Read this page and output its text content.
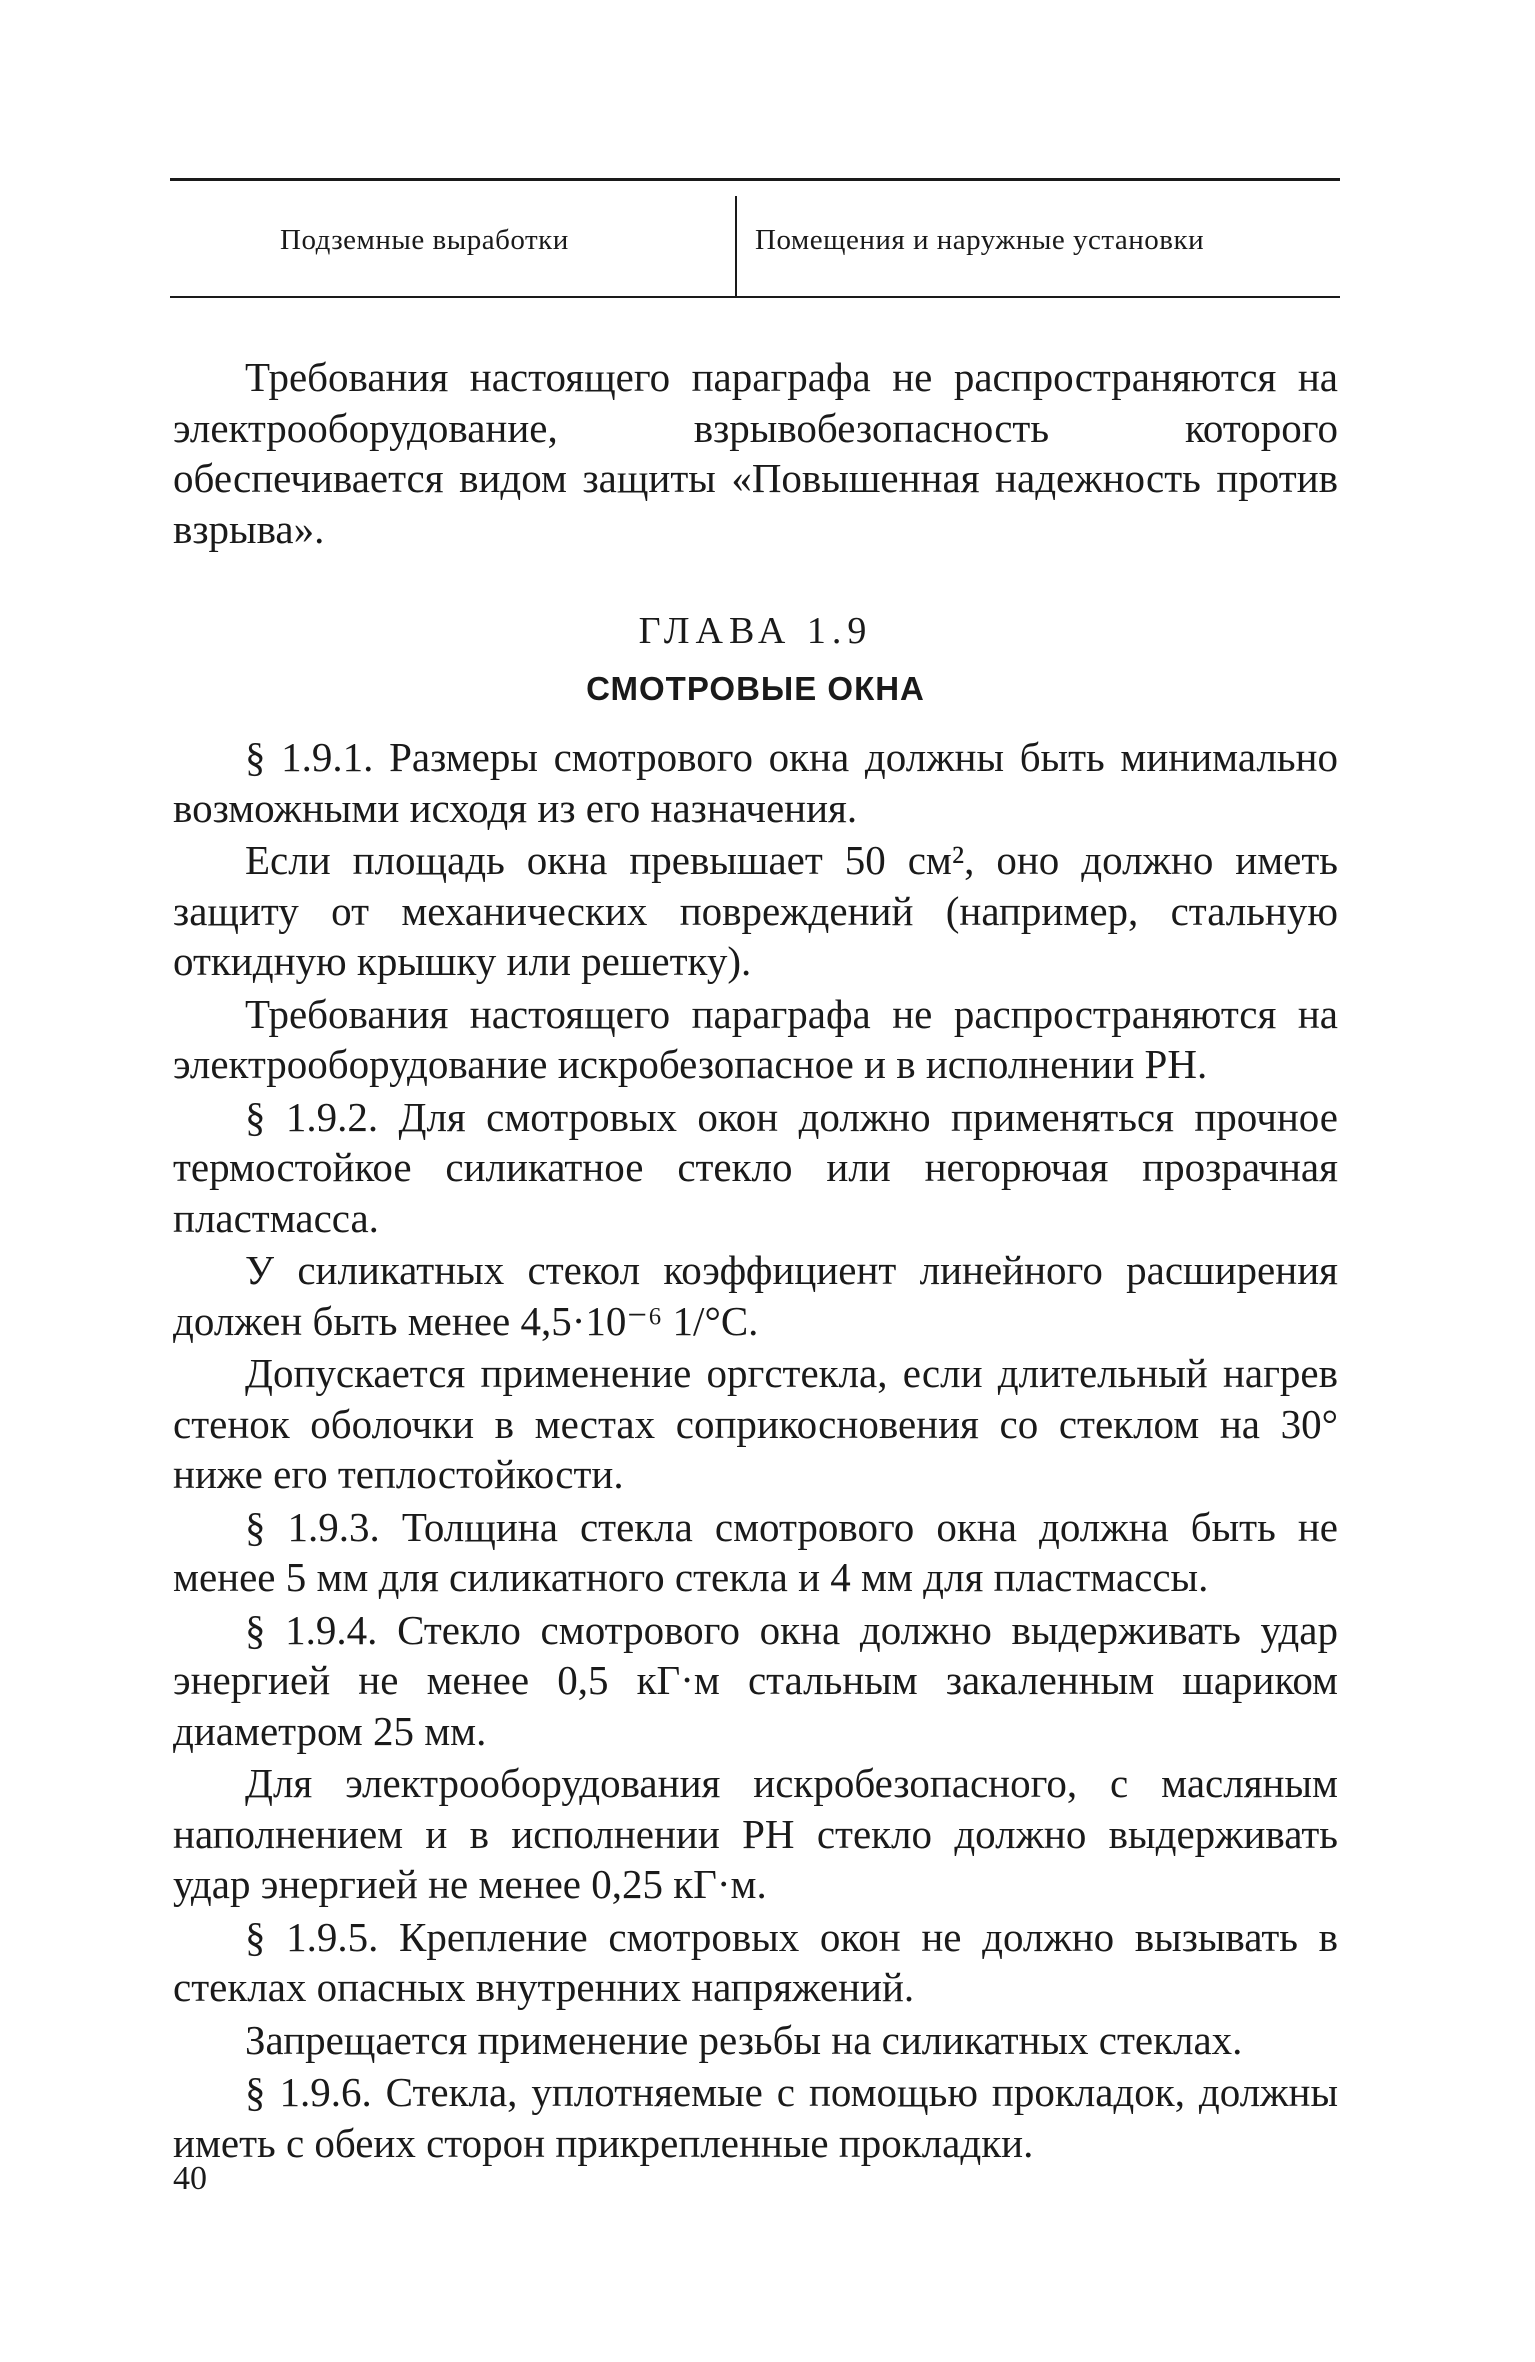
Подземные выработки	Помещения и наружные установки

Требования настоящего параграфа не распространяются на электрооборудование, взрывобезопасность которого обеспечивается видом защиты «Повышенная надежность против взрыва».

ГЛАВА 1.9
СМОТРОВЫЕ ОКНА

§ 1.9.1. Размеры смотрового окна должны быть минимально возможными исходя из его назначения.

Если площадь окна превышает 50 см², оно должно иметь защиту от механических повреждений (например, стальную откидную крышку или решетку).

Требования настоящего параграфа не распространяются на электрооборудование искробезопасное и в исполнении РН.

§ 1.9.2. Для смотровых окон должно применяться прочное термостойкое силикатное стекло или негорючая прозрачная пластмасса.

У силикатных стекол коэффициент линейного расширения должен быть менее 4,5·10⁻⁶ 1/°С.

Допускается применение оргстекла, если длительный нагрев стенок оболочки в местах соприкосновения со стеклом на 30° ниже его теплостойкости.

§ 1.9.3. Толщина стекла смотрового окна должна быть не менее 5 мм для силикатного стекла и 4 мм для пластмассы.

§ 1.9.4. Стекло смотрового окна должно выдерживать удар энергией не менее 0,5 кГ·м стальным закаленным шариком диаметром 25 мм.

Для электрооборудования искробезопасного, с масляным наполнением и в исполнении РН стекло должно выдерживать удар энергией не менее 0,25 кГ·м.

§ 1.9.5. Крепление смотровых окон не должно вызывать в стеклах опасных внутренних напряжений.

Запрещается применение резьбы на силикатных стеклах.

§ 1.9.6. Стекла, уплотняемые с помощью прокладок, должны иметь с обеих сторон прикрепленные прокладки.

40
